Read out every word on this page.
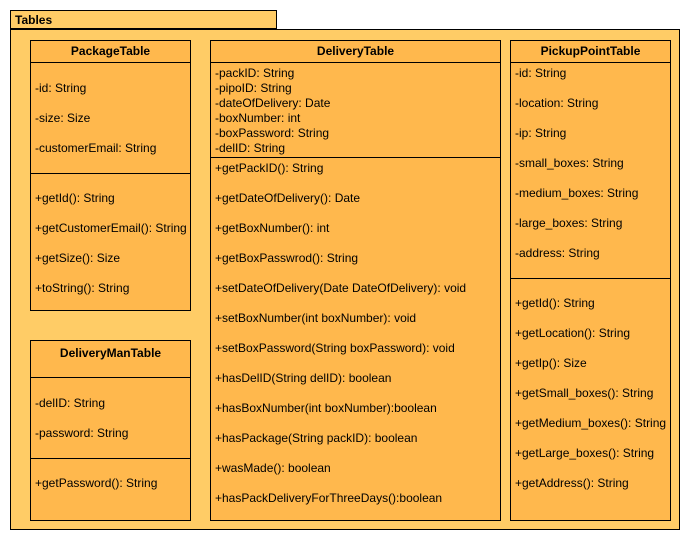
Tables
PackageTable
-id: String
-size: Size
-customerEmail: String
+getId(): String
+getCustomerEmail(): String
+getSize(): Size
+toString(): String
DeliveryManTable
-delID: String
-password: String
+getPassword(): String
DeliveryTable
-packID: String
-pipoID: String
-dateOfDelivery: Date
-boxNumber: int
-boxPassword: String
-delID: String
+getPackID(): String
+getDateOfDelivery(): Date
+getBoxNumber(): int
+getBoxPasswrod(): String
+setDateOfDelivery(Date DateOfDelivery): void
+setBoxNumber(int boxNumber): void
+setBoxPassword(String boxPassword): void
+hasDelID(String delID): boolean
+hasBoxNumber(int boxNumber):boolean
+hasPackage(String packID): boolean
+wasMade(): boolean
+hasPackDeliveryForThreeDays():boolean
PickupPointTable
-id: String
-location: String
-ip: String
-small_boxes: String
-medium_boxes: String
-large_boxes: String
-address: String
+getId(): String
+getLocation(): String
+getIp(): Size
+getSmall_boxes(): String
+getMedium_boxes(): String
+getLarge_boxes(): String
+getAddress(): String
